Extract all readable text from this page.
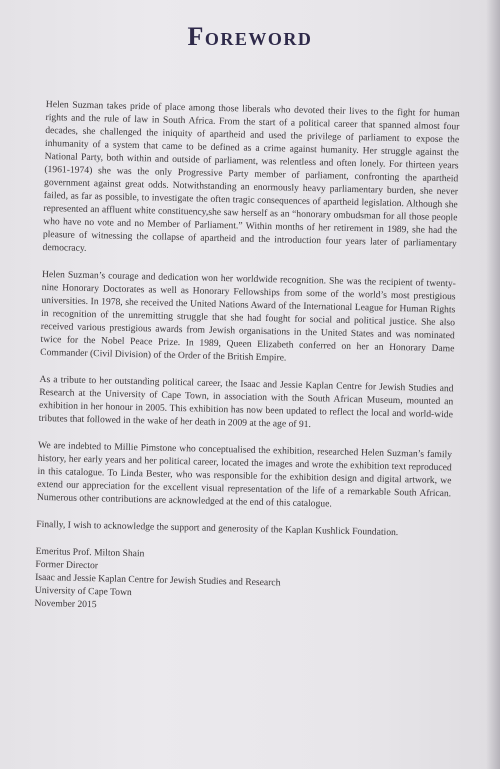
Foreword

Helen Suzman takes pride of place among those liberals who devoted their lives to the fight for human rights and the rule of law in South Africa. From the start of a political career that spanned almost four decades, she challenged the iniquity of apartheid and used the privilege of parliament to expose the inhumanity of a system that came to be defined as a crime against humanity. Her struggle against the National Party, both within and outside of parliament, was relentless and often lonely. For thirteen years (1961-1974) she was the only Progressive Party member of parliament, confronting the apartheid government against great odds. Notwithstanding an enormously heavy parliamentary burden, she never failed, as far as possible, to investigate the often tragic consequences of apartheid legislation. Although she represented an affluent white constituency,she saw herself as an “honorary ombudsman for all those people who have no vote and no Member of Parliament.” Within months of her retirement in 1989, she had the pleasure of witnessing the collapse of apartheid and the introduction four years later of parliamentary democracy.

Helen Suzman’s courage and dedication won her worldwide recognition. She was the recipient of twenty-nine Honorary Doctorates as well as Honorary Fellowships from some of the world’s most prestigious universities. In 1978, she received the United Nations Award of the International League for Human Rights in recognition of the unremitting struggle that she had fought for social and political justice. She also received various prestigious awards from Jewish organisations in the United States and was nominated twice for the Nobel Peace Prize. In 1989, Queen Elizabeth conferred on her an Honorary Dame Commander (Civil Division) of the Order of the British Empire.

As a tribute to her outstanding political career, the Isaac and Jessie Kaplan Centre for Jewish Studies and Research at the University of Cape Town, in association with the South African Museum, mounted an exhibition in her honour in 2005. This exhibition has now been updated to reflect the local and world-wide tributes that followed in the wake of her death in 2009 at the age of 91.

We are indebted to Millie Pimstone who conceptualised the exhibition, researched Helen Suzman’s family history, her early years and her political career, located the images and wrote the exhibition text reproduced in this catalogue. To Linda Bester, who was responsible for the exhibition design and digital artwork, we extend our appreciation for the excellent visual representation of the life of a remarkable South African. Numerous other contributions are acknowledged at the end of this catalogue.

Finally, I wish to acknowledge the support and generosity of the Kaplan Kushlick Foundation.

Emeritus Prof. Milton Shain
Former Director
Isaac and Jessie Kaplan Centre for Jewish Studies and Research
University of Cape Town
November 2015
